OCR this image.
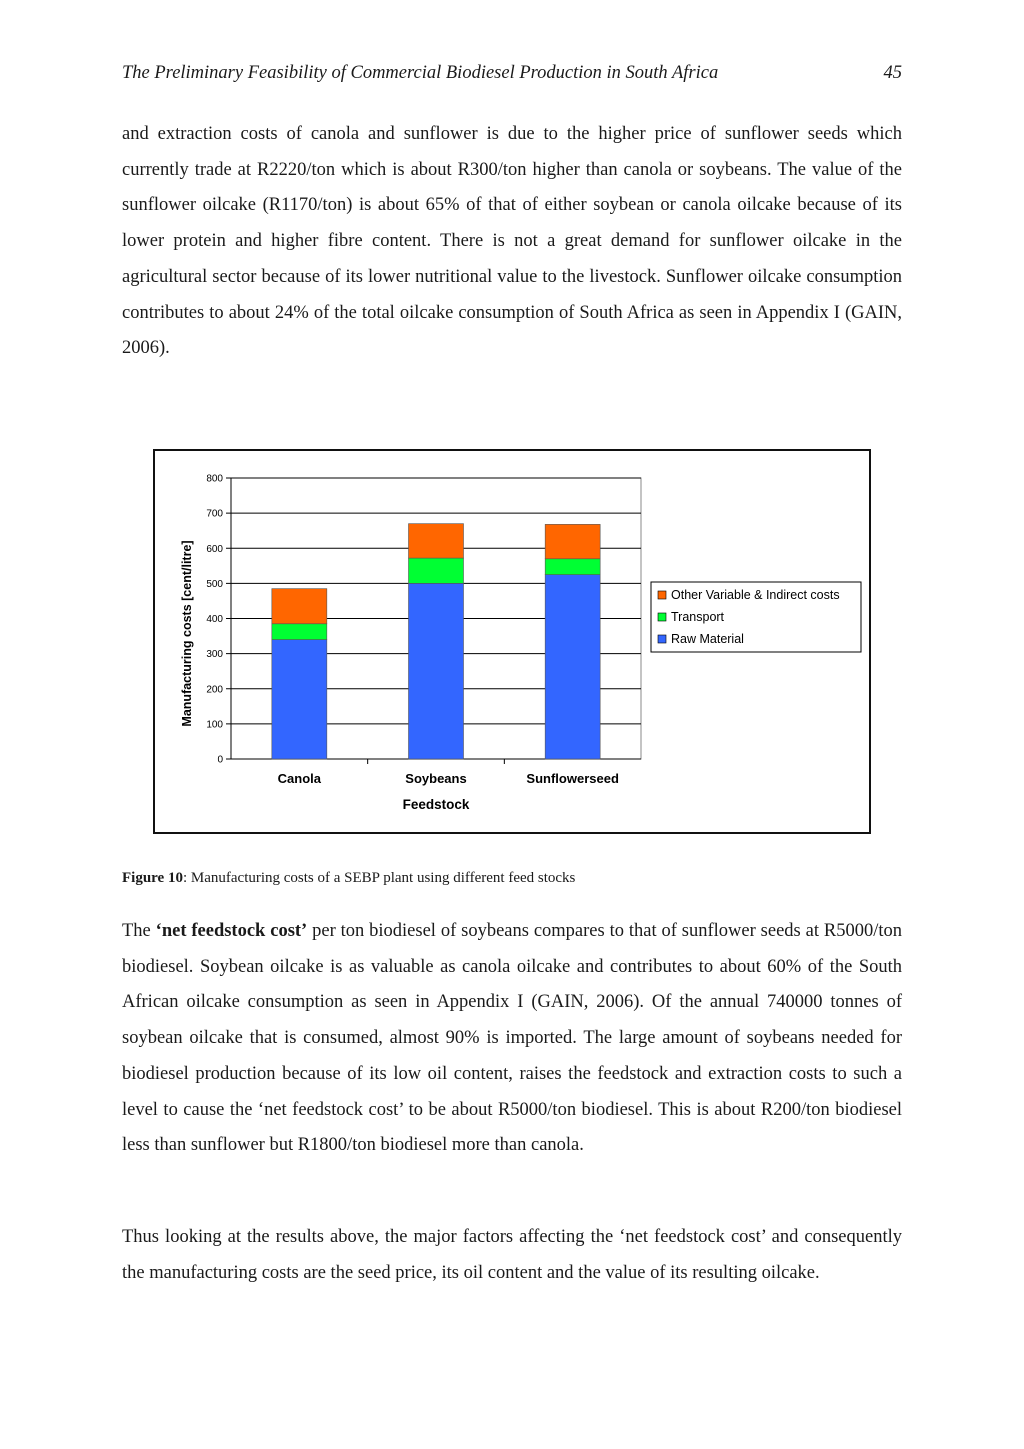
The Preliminary Feasibility of Commercial Biodiesel Production in South Africa	45

and extraction costs of canola and sunflower is due to the higher price of sunflower seeds which currently trade at R2220/ton which is about R300/ton higher than canola or soybeans. The value of the sunflower oilcake (R1170/ton) is about 65% of that of either soybean or canola oilcake because of its lower protein and higher fibre content. There is not a great demand for sunflower oilcake in the agricultural sector because of its lower nutritional value to the livestock. Sunflower oilcake consumption contributes to about 24% of the total oilcake consumption of South Africa as seen in Appendix I (GAIN, 2006).

0
100
200
300
400
500
600
700
800
Canola	Soybeans	Sunflowerseed
Feedstock
Manufacturing costs [cent/litre]	Other Variable & Indirect costs
Transport
Raw Material
Figure 10: Manufacturing costs of a SEBP plant using different feed stocks

The ‘net feedstock cost’ per ton biodiesel of soybeans compares to that of sunflower seeds at R5000/ton biodiesel. Soybean oilcake is as valuable as canola oilcake and contributes to about 60% of the South African oilcake consumption as seen in Appendix I (GAIN, 2006). Of the annual 740000 tonnes of soybean oilcake that is consumed, almost 90% is imported. The large amount of soybeans needed for biodiesel production because of its low oil content, raises the feedstock and extraction costs to such a level to cause the ‘net feedstock cost’ to be about R5000/ton biodiesel. This is about R200/ton biodiesel less than sunflower but R1800/ton biodiesel more than canola.

Thus looking at the results above, the major factors affecting the ‘net feedstock cost’ and consequently the manufacturing costs are the seed price, its oil content and the value of its resulting oilcake.
